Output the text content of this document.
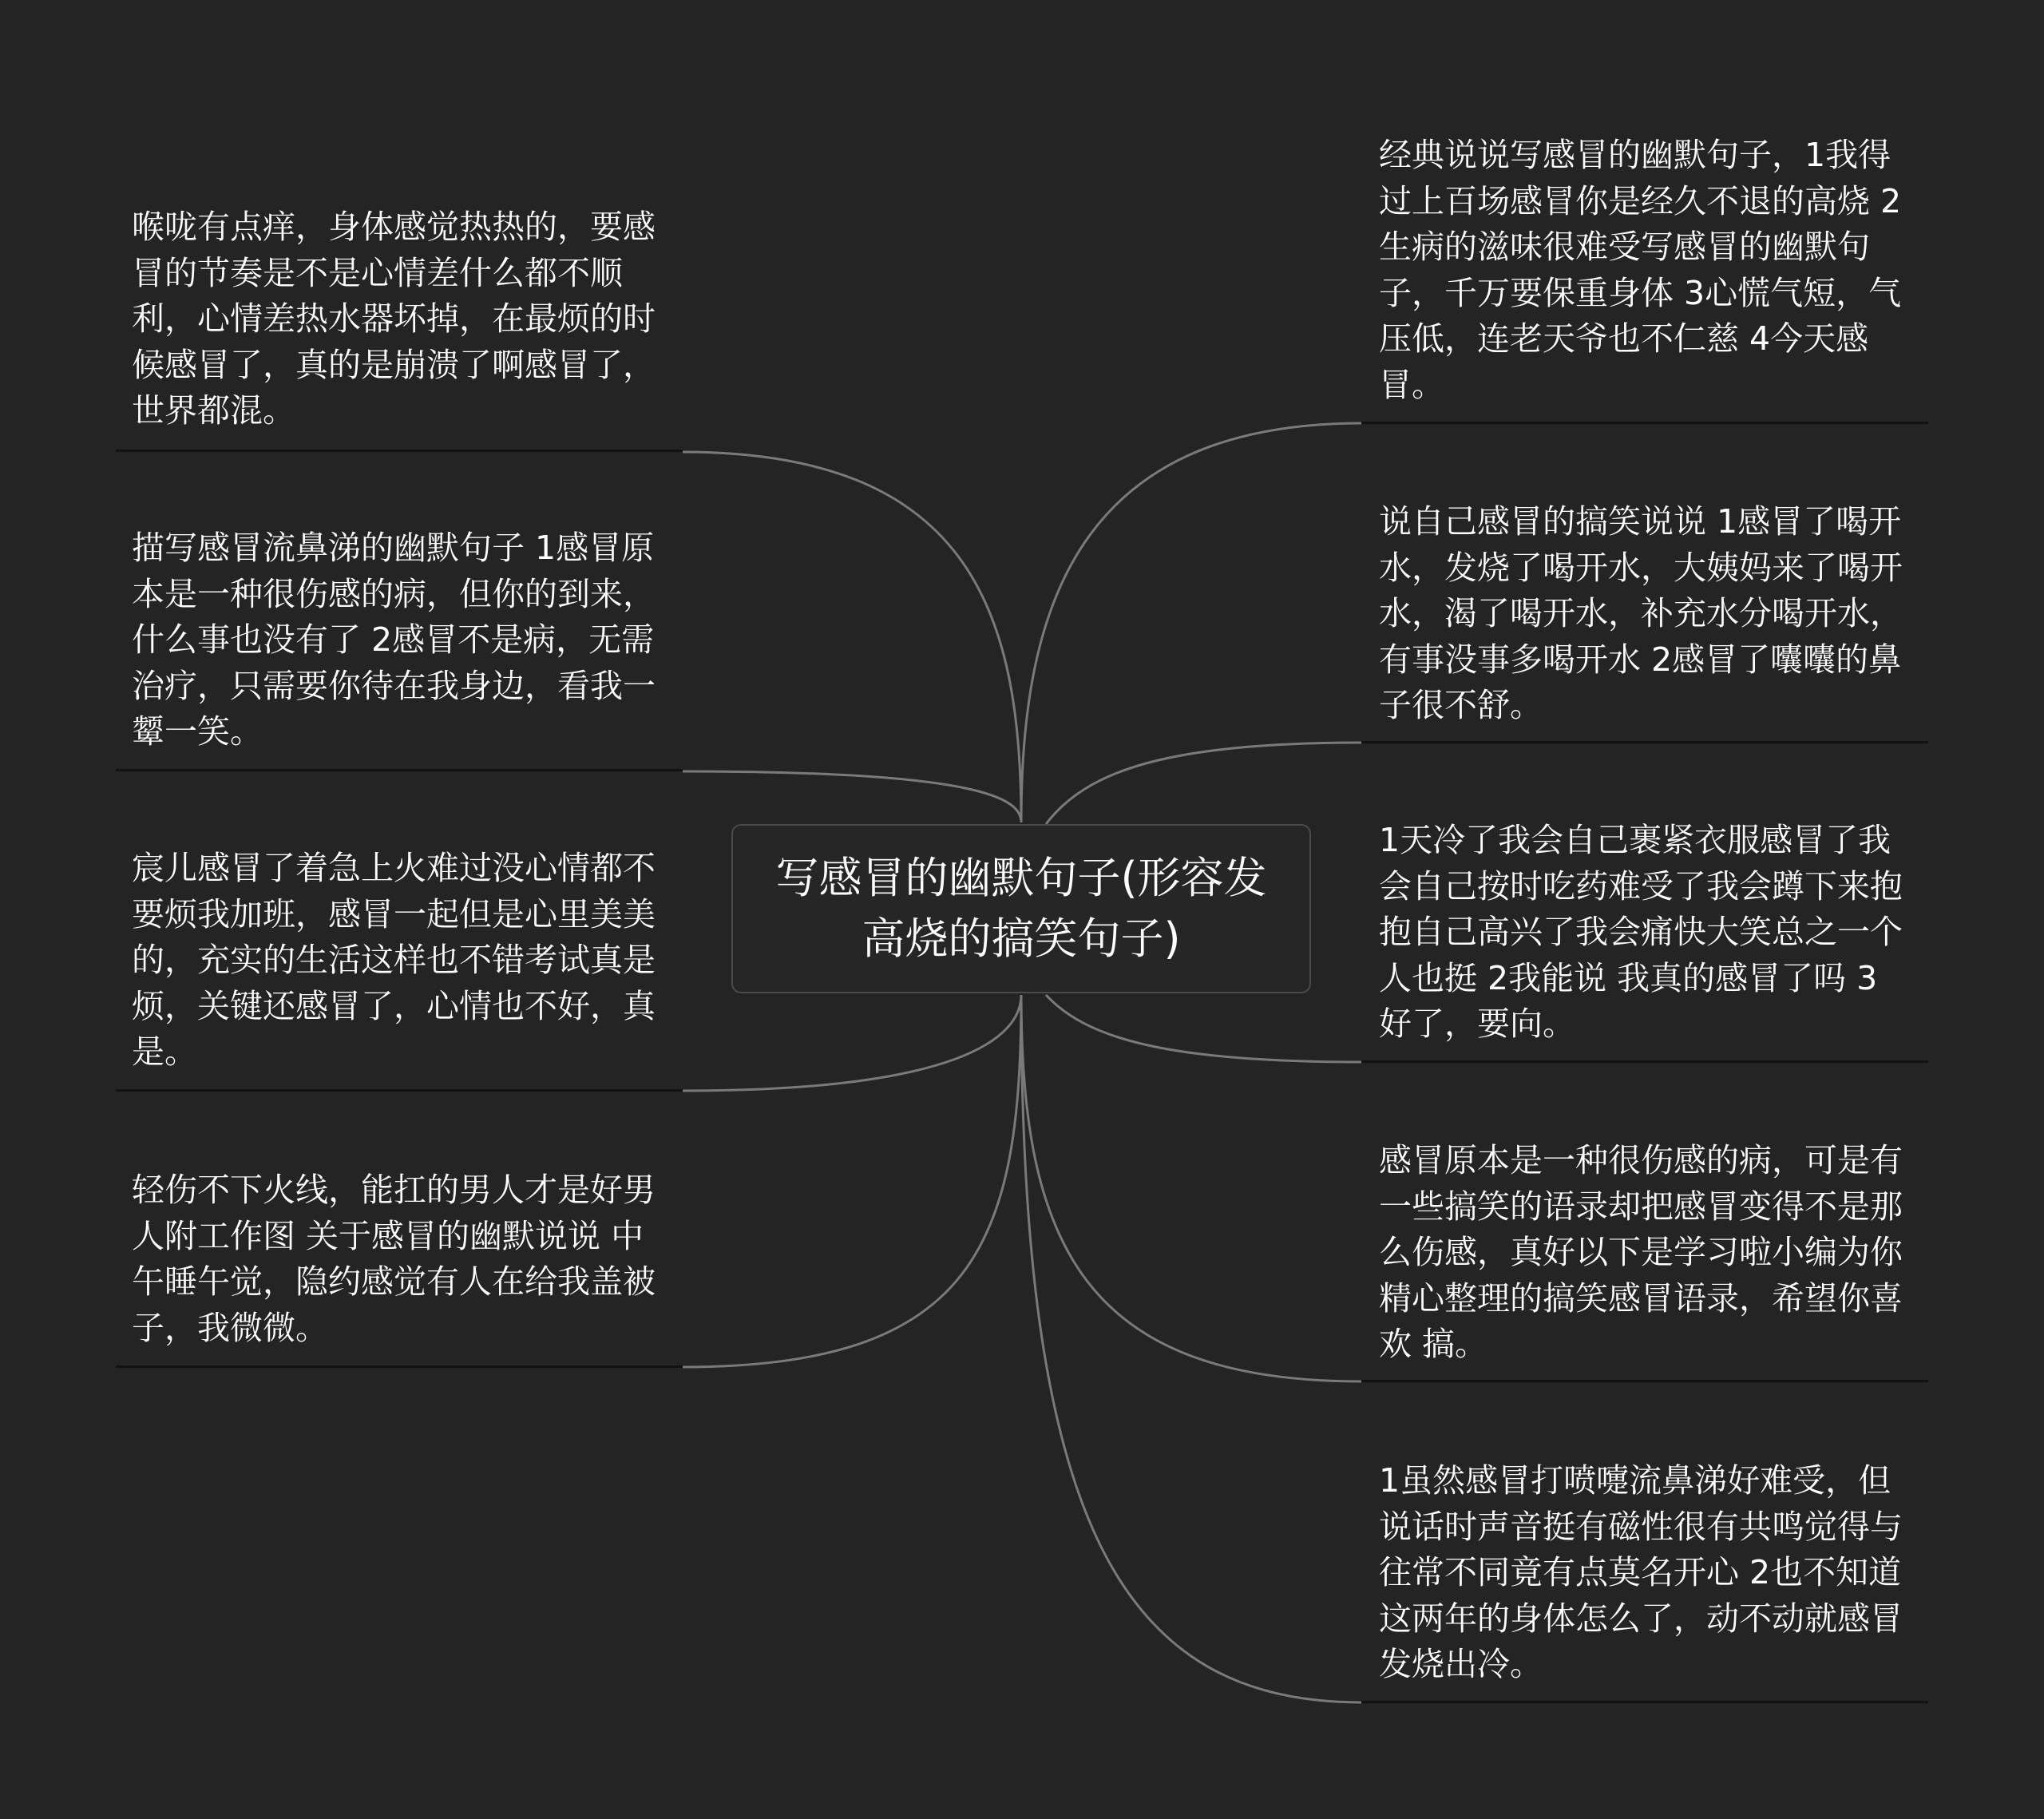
写感冒的幽默句子(形容发高烧的搞笑句子)
喉咙有点痒，身体感觉热热的，要感冒的节奏是不是心情差什么都不顺利，心情差热水器坏掉，在最烦的时候感冒了，真的是崩溃了啊感冒了，世界都混。
描写感冒流鼻涕的幽默句子 1感冒原本是一种很伤感的病，但你的到来，什么事也没有了 2感冒不是病，无需治疗，只需要你待在我身边，看我一颦一笑。
宸儿感冒了着急上火难过没心情都不要烦我加班，感冒一起但是心里美美的，充实的生活这样也不错考试真是烦，关键还感冒了，心情也不好，真是。
轻伤不下火线，能扛的男人才是好男人附工作图 关于感冒的幽默说说 中午睡午觉，隐约感觉有人在给我盖被子，我微微。
经典说说写感冒的幽默句子，1我得过上百场感冒你是经久不退的高烧 2生病的滋味很难受写感冒的幽默句子，千万要保重身体 3心慌气短，气压低，连老天爷也不仁慈 4今天感冒。
说自己感冒的搞笑说说 1感冒了喝开水，发烧了喝开水，大姨妈来了喝开水，渴了喝开水，补充水分喝开水，有事没事多喝开水 2感冒了囔囔的鼻子很不舒。
1天冷了我会自己裹紧衣服感冒了我会自己按时吃药难受了我会蹲下来抱抱自己高兴了我会痛快大笑总之一个人也挺 2我能说 我真的感冒了吗 3好了，要向。
感冒原本是一种很伤感的病，可是有一些搞笑的语录却把感冒变得不是那么伤感，真好以下是学习啦小编为你精心整理的搞笑感冒语录，希望你喜欢 搞。
1虽然感冒打喷嚏流鼻涕好难受，但说话时声音挺有磁性很有共鸣觉得与往常不同竟有点莫名开心 2也不知道这两年的身体怎么了，动不动就感冒发烧出冷。
